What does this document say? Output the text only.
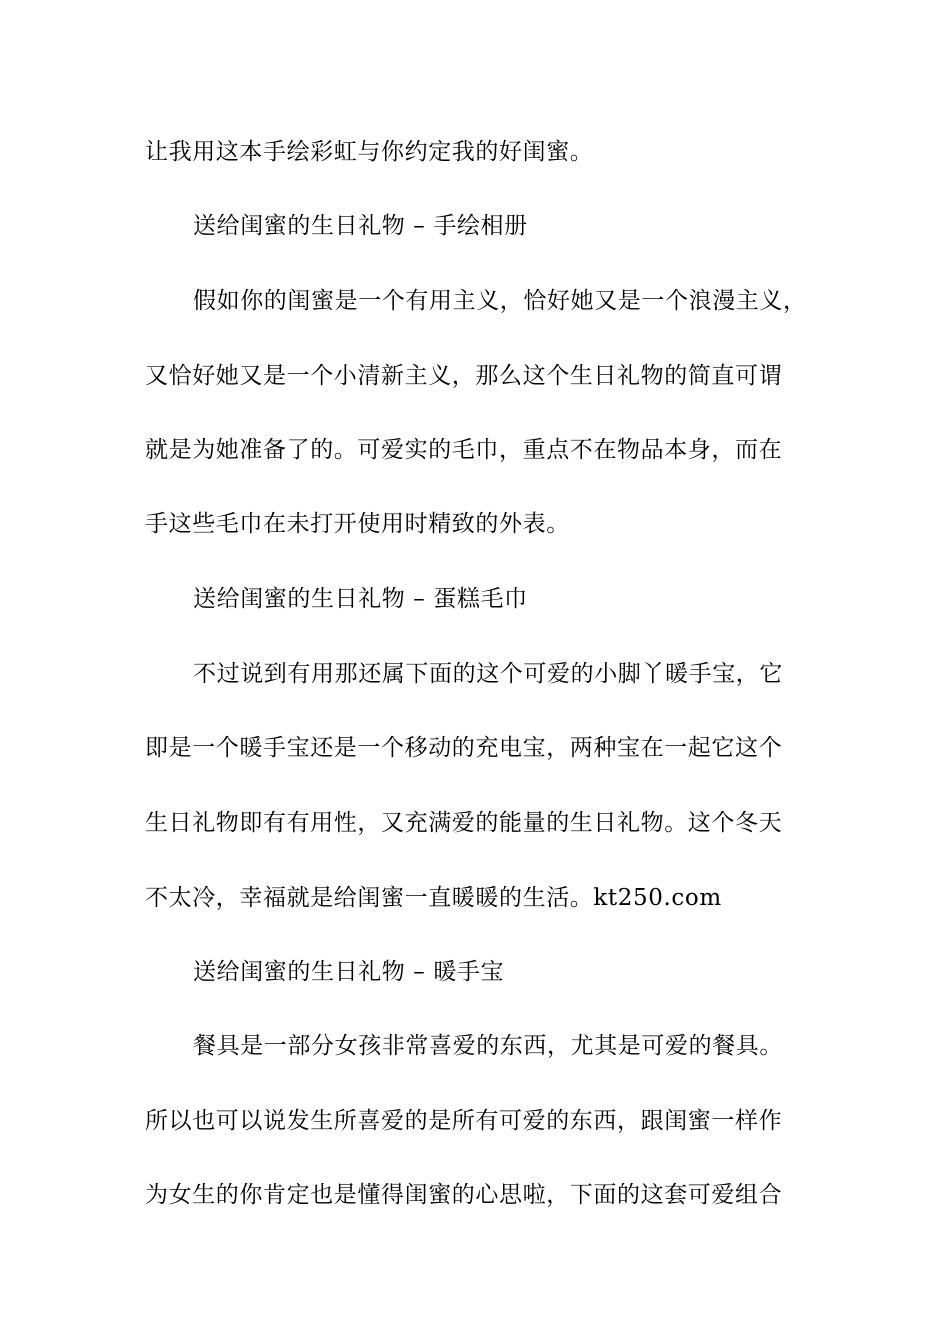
让我用这本手绘彩虹与你约定我的好闺蜜。
送给闺蜜的生日礼物 – 手绘相册
假如你的闺蜜是一个有用主义，恰好她又是一个浪漫主义，
又恰好她又是一个小清新主义，那么这个生日礼物的简直可谓
就是为她准备了的。可爱实的毛巾，重点不在物品本身，而在
手这些毛巾在未打开使用时精致的外表。
送给闺蜜的生日礼物 – 蛋糕毛巾
不过说到有用那还属下面的这个可爱的小脚丫暖手宝，它
即是一个暖手宝还是一个移动的充电宝，两种宝在一起它这个
生日礼物即有有用性，又充满爱的能量的生日礼物。这个冬天
不太冷，幸福就是给闺蜜一直暖暖的生活。kt250.com
送给闺蜜的生日礼物 – 暖手宝
餐具是一部分女孩非常喜爱的东西，尤其是可爱的餐具。
所以也可以说发生所喜爱的是所有可爱的东西，跟闺蜜一样作
为女生的你肯定也是懂得闺蜜的心思啦，下面的这套可爱组合
